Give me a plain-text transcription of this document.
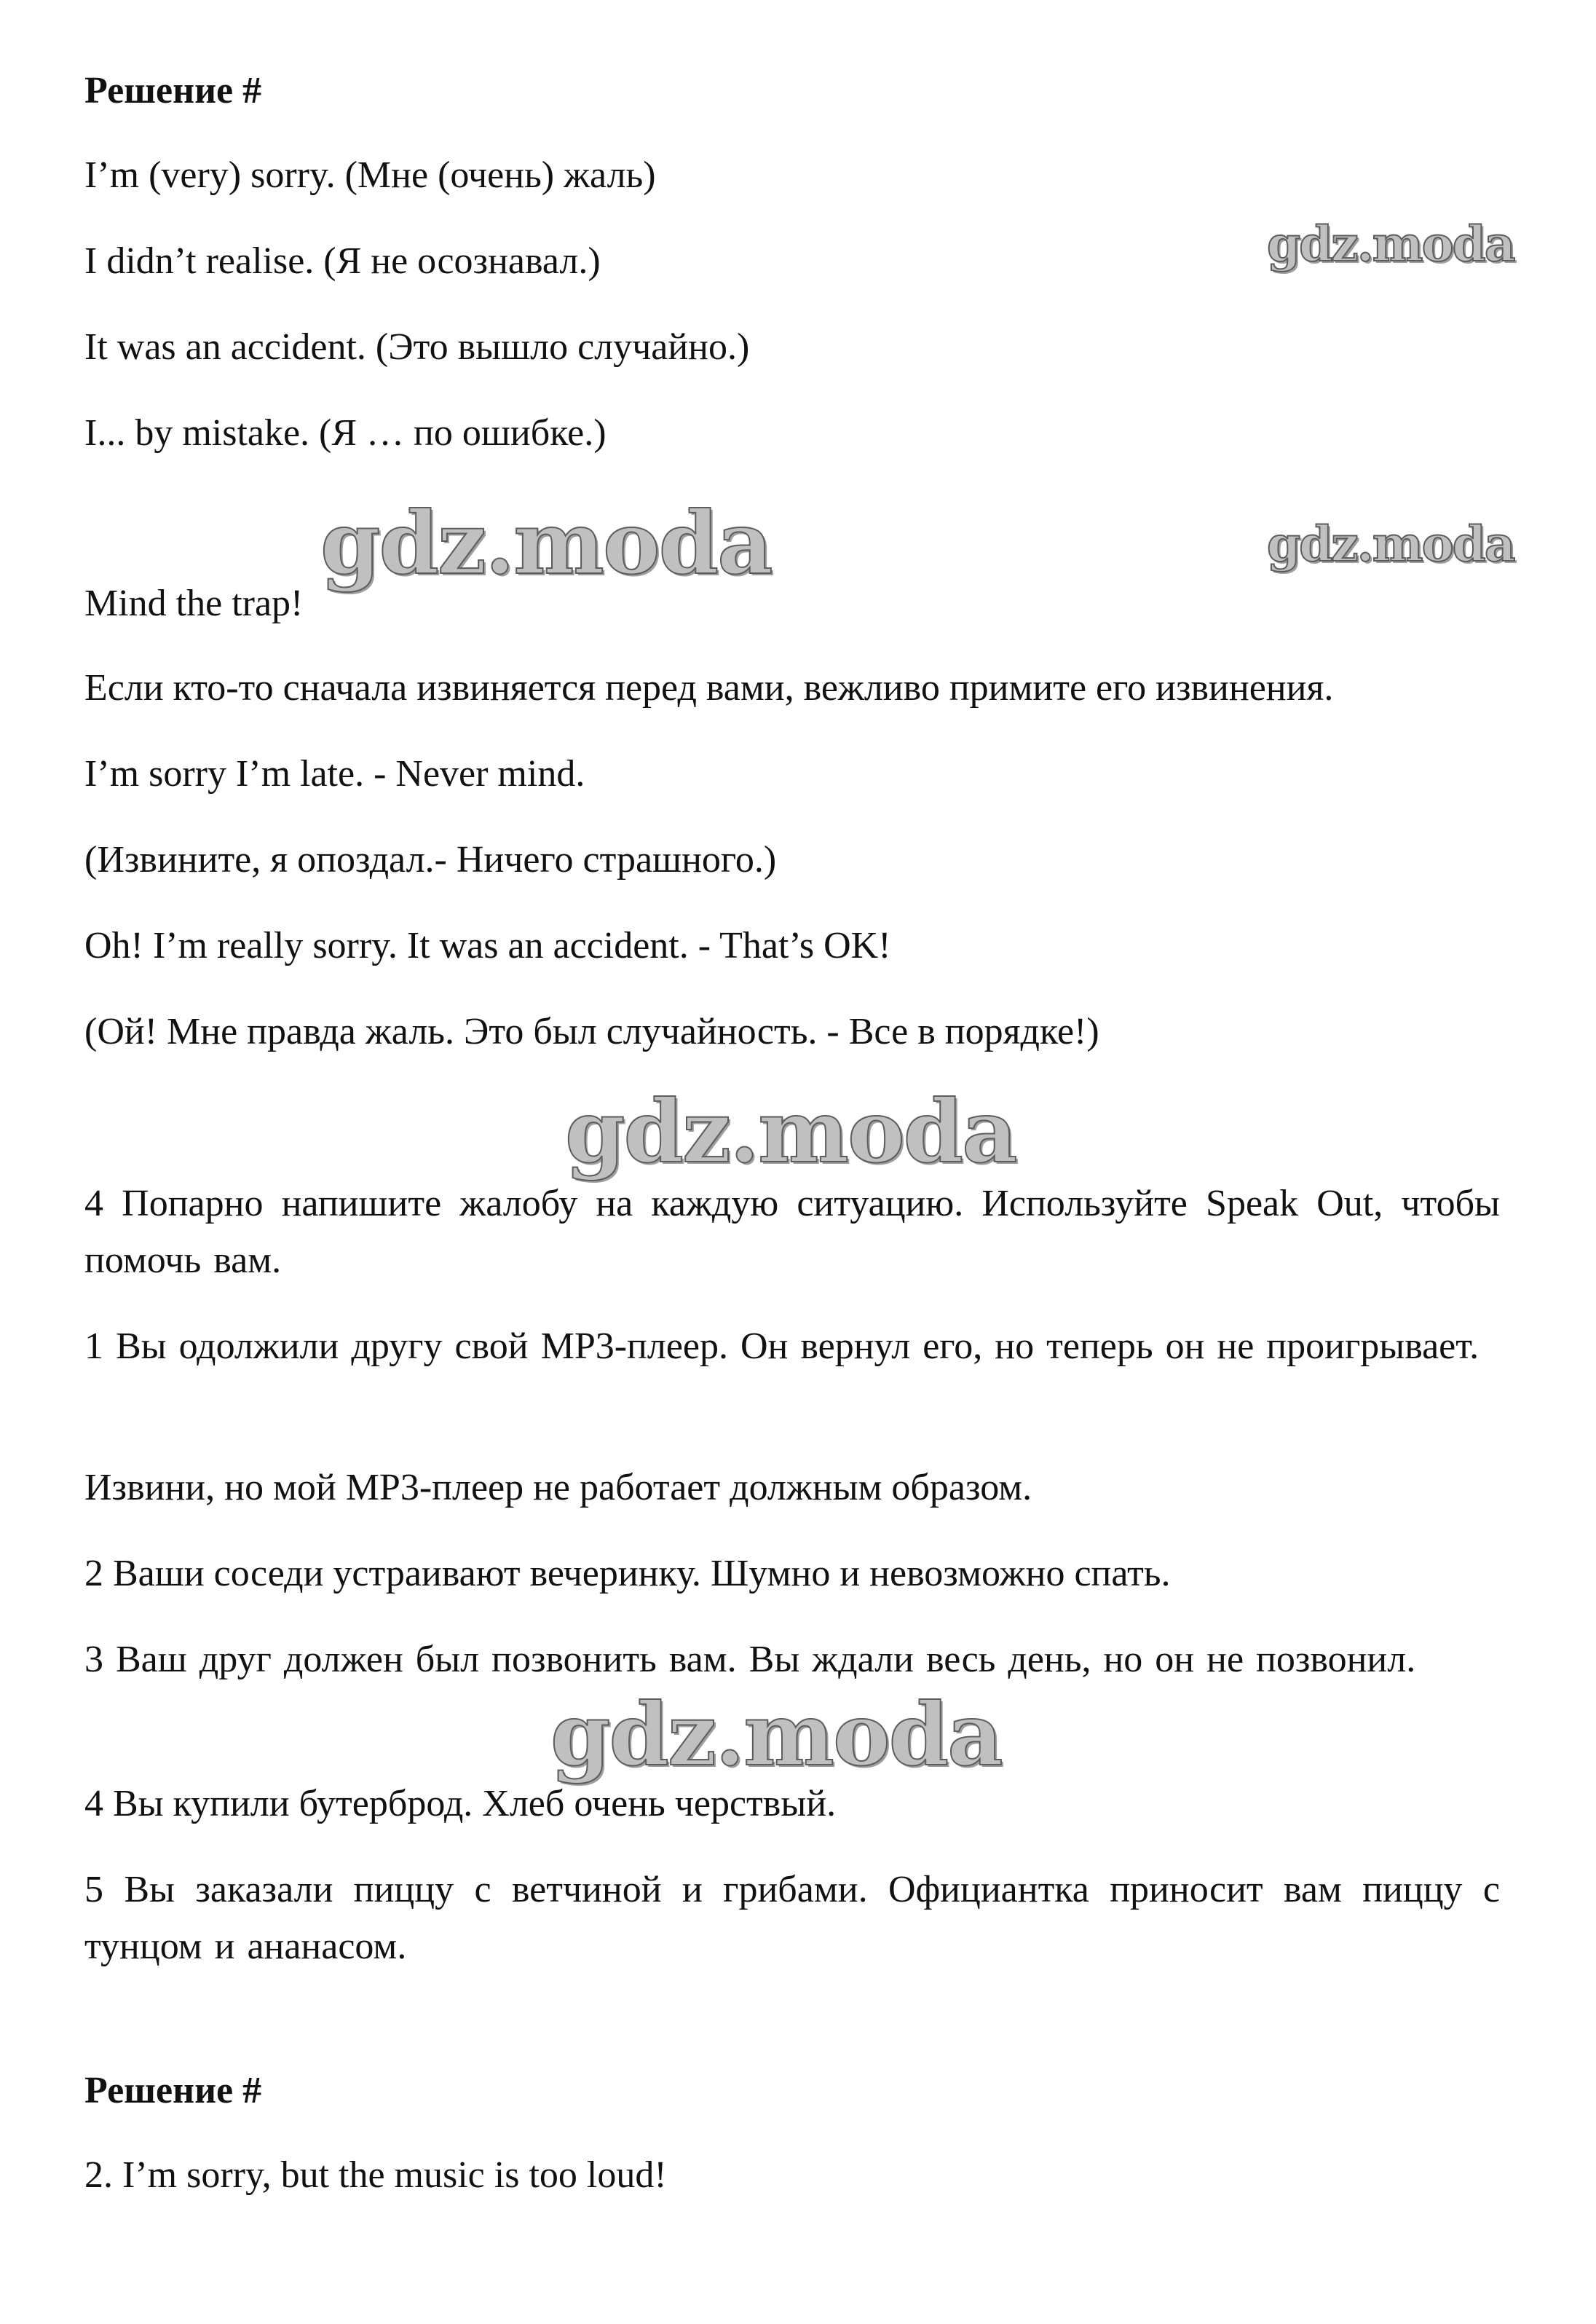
Решение #

I’m (very) sorry. (Мне (очень) жаль)

I didn’t realise. (Я не осознавал.)

It was an accident. (Это вышло случайно.)

I... by mistake. (Я … по ошибке.)

Mind the trap!

Если кто-то сначала извиняется перед вами, вежливо примите его извинения.

I’m sorry I’m late. - Never mind.

(Извините, я опоздал.- Ничего страшного.)

Oh! I’m really sorry. It was an accident. - That’s OK!

(Ой! Мне правда жаль. Это был случайность. - Все в порядке!)

4 Попарно напишите жалобу на каждую ситуацию. Используйте Speak Out, чтобы помочь вам.

1 Вы одолжили другу свой MP3-плеер. Он вернул его, но теперь он не проигрывает.

Извини, но мой MP3-плеер не работает должным образом.

2 Ваши соседи устраивают вечеринку. Шумно и невозможно спать.

3 Ваш друг должен был позвонить вам. Вы ждали весь день, но он не позвонил.

4 Вы купили бутерброд. Хлеб очень черствый.

5 Вы заказали пиццу с ветчиной и грибами. Официантка приносит вам пиццу с тунцом и ананасом.

Решение #

2. I’m sorry, but the music is too loud!

gdz.moda
gdz.moda	gdz.moda
gdz.moda
gdz.moda
